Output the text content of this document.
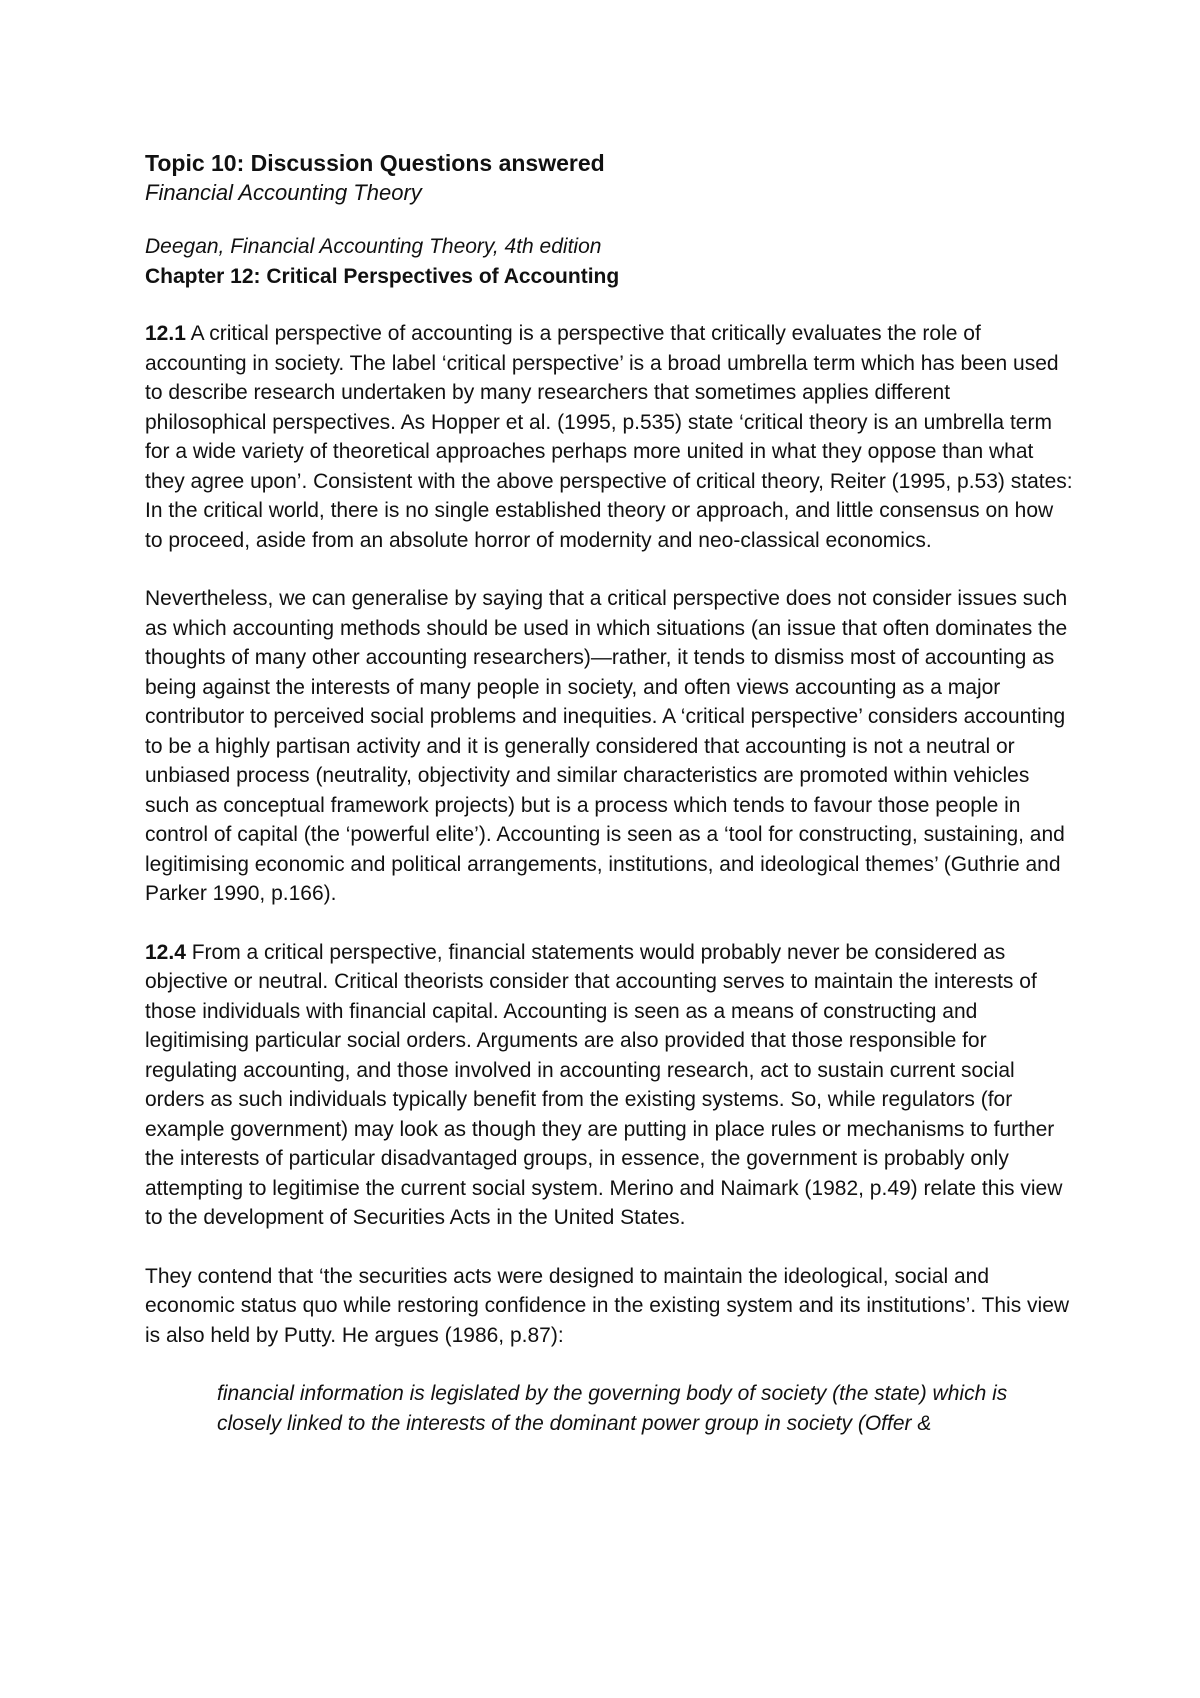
Topic 10: Discussion Questions answered

Financial Accounting Theory

Deegan, Financial Accounting Theory, 4th edition

Chapter 12: Critical Perspectives of Accounting

12.1 A critical perspective of accounting is a perspective that critically evaluates the role of accounting in society. The label ‘critical perspective’ is a broad umbrella term which has been used to describe research undertaken by many researchers that sometimes applies different philosophical perspectives. As Hopper et al. (1995, p.535) state ‘critical theory is an umbrella term for a wide variety of theoretical approaches perhaps more united in what they oppose than what they agree upon’. Consistent with the above perspective of critical theory, Reiter (1995, p.53) states: In the critical world, there is no single established theory or approach, and little consensus on how to proceed, aside from an absolute horror of modernity and neo-classical economics.

Nevertheless, we can generalise by saying that a critical perspective does not consider issues such as which accounting methods should be used in which situations (an issue that often dominates the thoughts of many other accounting researchers)—rather, it tends to dismiss most of accounting as being against the interests of many people in society, and often views accounting as a major contributor to perceived social problems and inequities. A ‘critical perspective’ considers accounting to be a highly partisan activity and it is generally considered that accounting is not a neutral or unbiased process (neutrality, objectivity and similar characteristics are promoted within vehicles such as conceptual framework projects) but is a process which tends to favour those people in control of capital (the ‘powerful elite’). Accounting is seen as a ‘tool for constructing, sustaining, and legitimising economic and political arrangements, institutions, and ideological themes’ (Guthrie and Parker 1990, p.166).

12.4 From a critical perspective, financial statements would probably never be considered as objective or neutral. Critical theorists consider that accounting serves to maintain the interests of those individuals with financial capital. Accounting is seen as a means of constructing and legitimising particular social orders. Arguments are also provided that those responsible for regulating accounting, and those involved in accounting research, act to sustain current social orders as such individuals typically benefit from the existing systems. So, while regulators (for example government) may look as though they are putting in place rules or mechanisms to further the interests of particular disadvantaged groups, in essence, the government is probably only attempting to legitimise the current social system. Merino and Naimark (1982, p.49) relate this view to the development of Securities Acts in the United States.

They contend that ‘the securities acts were designed to maintain the ideological, social and economic status quo while restoring confidence in the existing system and its institutions’. This view is also held by Putty. He argues (1986, p.87):

financial information is legislated by the governing body of society (the state) which is closely linked to the interests of the dominant power group in society (Offer &
